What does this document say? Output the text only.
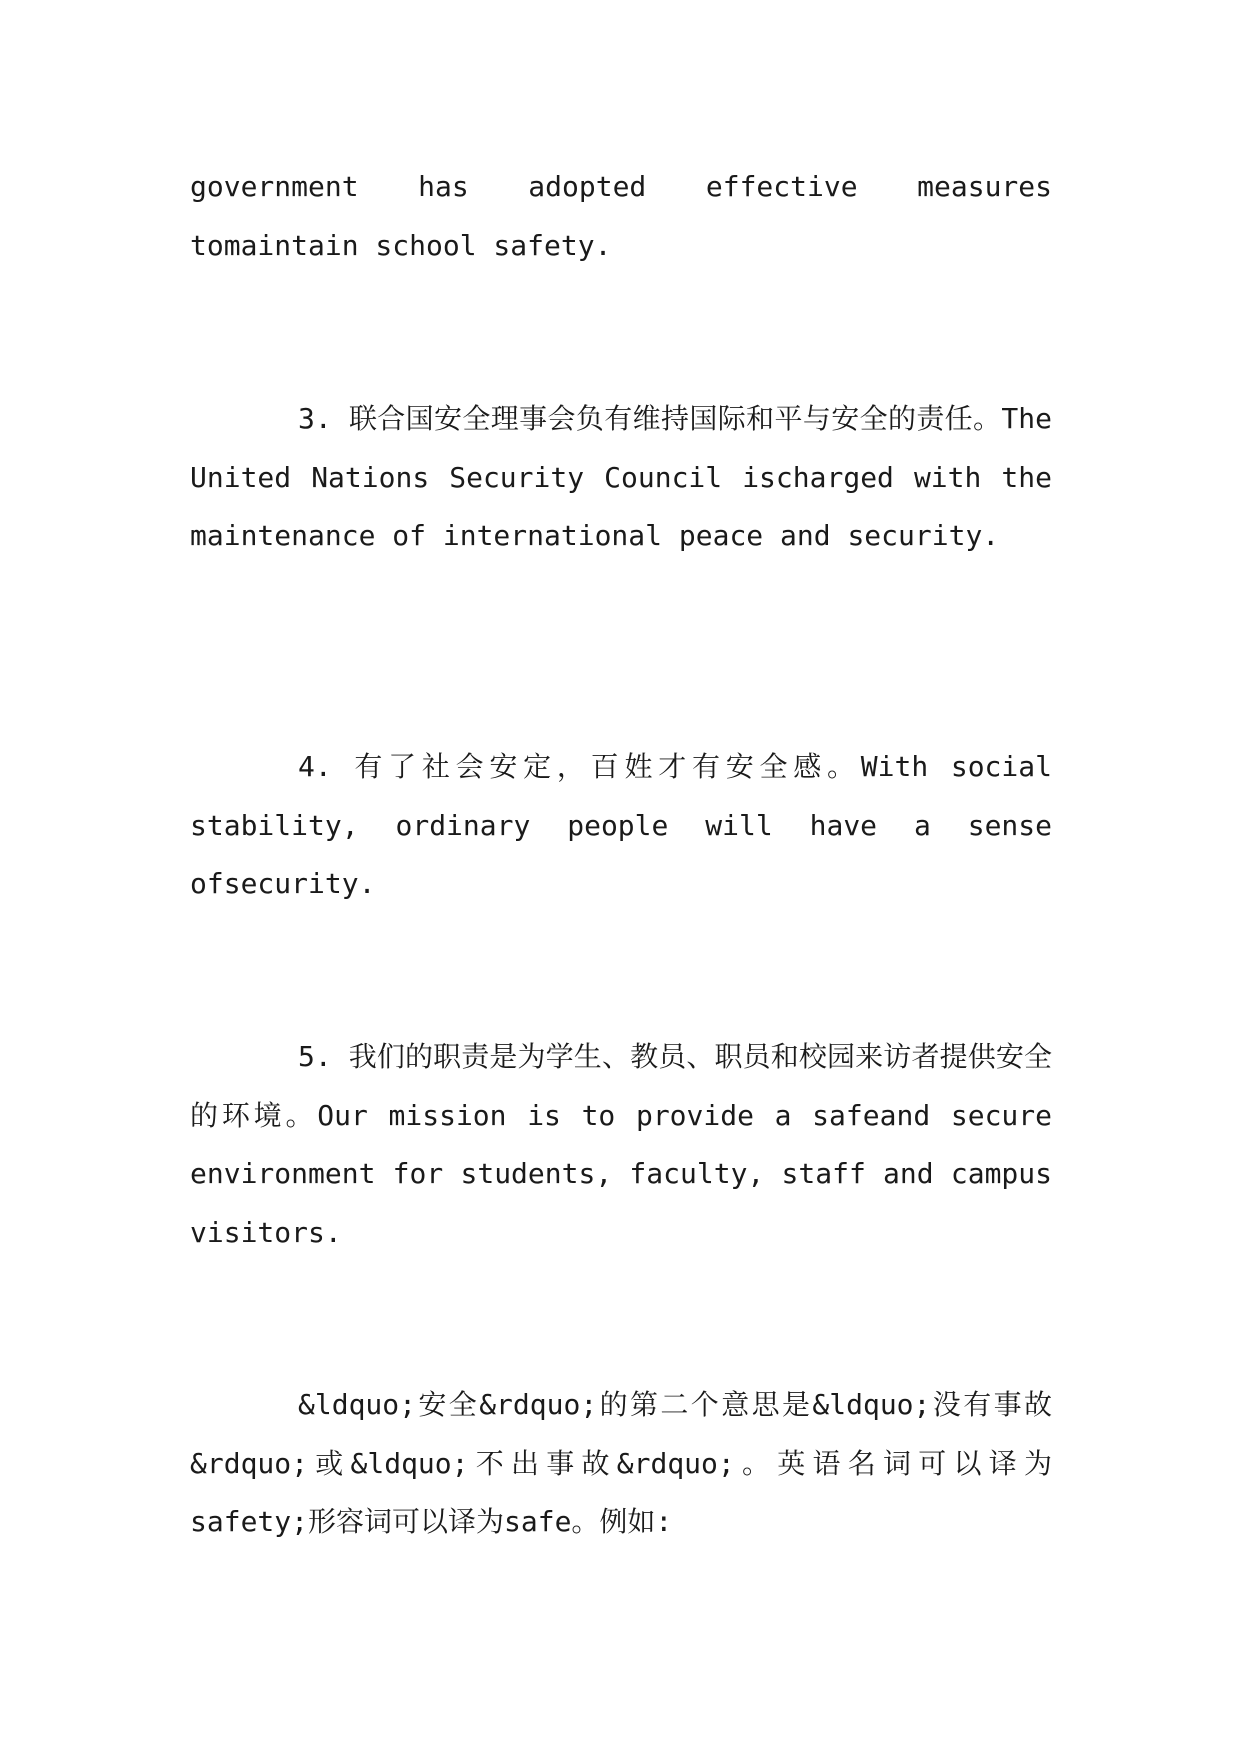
government has adopted effective measures tomaintain school safety.

3. 联合国安全理事会负有维持国际和平与安全的责任。The United Nations Security Council ischarged with the maintenance of international peace and security.

4. 有了社会安定，百姓才有安全感。With social stability, ordinary people will have a sense ofsecurity.

5. 我们的职责是为学生、教员、职员和校园来访者提供安全的环境。Our mission is to provide a safeand secure environment for students, faculty, staff and campus visitors.

&ldquo;安全&rdquo;的第二个意思是&ldquo;没有事故&rdquo;或&ldquo;不出事故&rdquo;。英语名词可以译为safety;形容词可以译为safe。例如:
